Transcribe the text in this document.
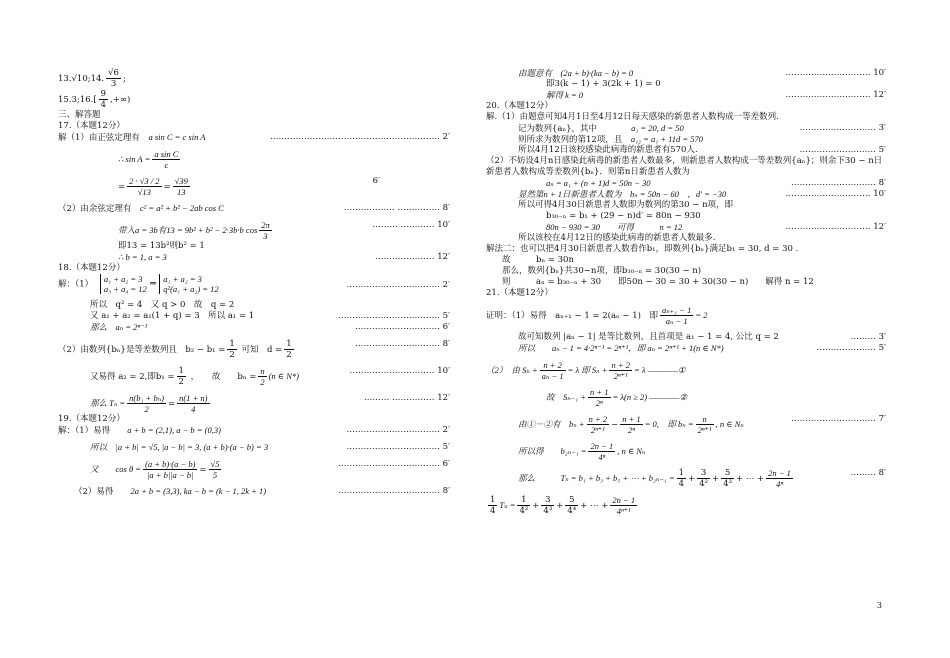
13.√10;14. $\frac{√6}{3}$ ;
15.3;16.[ $\frac{9}{4}$ ,+∞)
三、解答题
17.（本题12分）
解（1）由正弦定理有　 a sin C = c sin A	…………………………………………………… 2′
∴ $\sin A = \frac{\text{a sin C}}{c}$
= $\frac{2 \cdot √3 / 2}{√13} = \frac{√39}{13}$	6′
（2）由余弦定理有　 c² = a² + b² − 2ab cos C	……………… …………… 8′
带入a = 3b有13 = 9b² + b² − 2·3b·b $\cos \frac{2\pi}{3}$	……… ………… 10′
即13 = 13b²则b² = 1
∴ b = 1, a = 3	………………… 12′
18.（本题12分）
解：（1）
a₁ + a₂ = 3
a₃ + a₄ = 12
⇒ a₁ + a₂ = 3
q²(a₁ + a₂) = 12	…………………………… 2′
所以　q² = 4　又 q > 0　故　q = 2
又 a₁ + a₂ = a₁(1 + q) = 3　所以 a₁ = 1	……………………………… 5′
那么　aₙ = 2ⁿ⁻¹	………………………… 6′
（2）由数列{bₙ}是等差数列且　$b_2 - b_1 = \frac{1}{2}$ 可知　$d = \frac{1}{2}$	………………………… 8′
又易得 a₂ = 2,即$b_1 = \frac{1}{2}$ ，　　故　　$b_n = \frac{n}{2} (n$ ∈ N*)
………………………… 10′
那么 $T_n = \frac{\text{n(b₁ + bₙ)}}{2} = \frac{n(1 + n)}{4}$	……… …………… 12′
19.（本题12分）
解：（1）易得　　 a + b = (2,1), a − b = (0,3)	…………………………… 2′
所以　|a + b| = √5, |a − b| = 3, (a + b)·(a − b) = 3	…………………………… 5′
又　　$\cos \theta = \frac{(a + b)\cdot(a - b)}{|a + b||a - b|} = \frac{√5}{5}$	……………………………… 6′
（2）易得　　 2a + b = (3,3), ka − b = (k − 1, 2k + 1)	……………………………… 8′
由题意有　(2a + b)·(ka − b) = 0	………………………… 10′
即3(k − 1) + 3(2k + 1) = 0
解得 k = 0	………………………… 12′
20.（本题12分）
解.（1）由题意可知4月1日至4月12日每天感染的新患者人数构成一等差数列.
记为数列{aₙ}，其中　　　　	a₁ = 20, d = 50	……………………… 3′
则所求为数列的第12项，且　 a₁₂ = a₁ + 11d = 570
所以4月12日该校感染此病毒的新患者有570人.	……………………… 5′
（2）不妨设4月n日感染此病毒的新患者人数最多，则新患者人数构成一等差数列{aₙ}；则余下30 − n日
新患者人数构成等差数列{bₙ}．则第n日新患者人数为
aₙ = a₁ + (n + 1)d = 50n − 30	………………………… 8′
显然第n + 1日新患者人数为　bₙ = 50n − 60　，d′ = −30	………………………… 10′
所以可得4月30日新患者人数即为数列的第30 − n项，即
b₃₀₋ₙ = b₁ + (29 − n)d′ = 80n − 930
80n − 930 = 30　　可得　　　n = 12	………………………… 12′
所以该校在4月12日的感染此病毒的新患者人数最多.
解法二：也可以把4月30日新患者人数看作b₁，即数列{bₙ}满足b₁ = 30, d = 30 .
故　　　bₙ = 30n
那么，数列{bₙ}共30−n项，即b₃₀₋ₙ = 30(30 − n)
则　　　aₙ = b₃₀₋ₙ + 30　　即50n − 30 = 30 + 30(30 − n)　　解得 n = 12
21.（本题12分）
证明：（1）易得　aₙ₊₁ − 1 = 2(aₙ − 1)　即 $\frac{\text{aₙ₊₁ − 1}}{\text{aₙ − 1}} = 2$
故可知数列 |aₙ − 1| 是等比数列，且首项是 a₁ − 1 = 4, 公比 q = 2	……… 3′
所以　　aₙ − 1 = 4·2ⁿ⁻¹ = 2ⁿ⁺¹，即 aₙ = 2ⁿ⁺¹ + 1(n ∈ N*)	………………… 5′
（2）　由 $S_n + \frac{n + 2}{\text{aₙ − 1}} = \lambda$ 即 $S_n + \frac{n + 2}{\text{2ⁿ⁺¹}} = \lambda$ ————①
故　$S_{n-1} + \frac{n + 1}{\text{2ⁿ}} = \lambda(n \ge 2)$ ————②
由①－②有　$b_n + \frac{n + 2}{\text{2ⁿ⁺¹}} - \frac{n + 1}{\text{2ⁿ}} = 0$,　即 $b_n = \frac{n}{\text{2ⁿ⁺¹}}$ , n ∈ Nₙ
………………………… 7′
所以得　　$b_{2n-1} = \frac{2n - 1}{\text{4ⁿ}}$ , n ∈ Nₙ
那么　　　Tₙ = b₁ + b₃ + b₅ + ⋯ + $b_{2n-1} = \frac{1}{4} + \frac{3}{\text{4²}} + \frac{5}{\text{4³}}$ + ⋯ + $\frac{2n - 1}{\text{4ⁿ}}$	……… 8′
$\frac{1}{4}$ $T_n = \frac{1}{\text{4²}} + \frac{3}{\text{4³}} + \frac{5}{\text{4⁴}}$ + ⋯ + $\frac{2n - 1}{\text{4ⁿ⁺¹}}$
3
